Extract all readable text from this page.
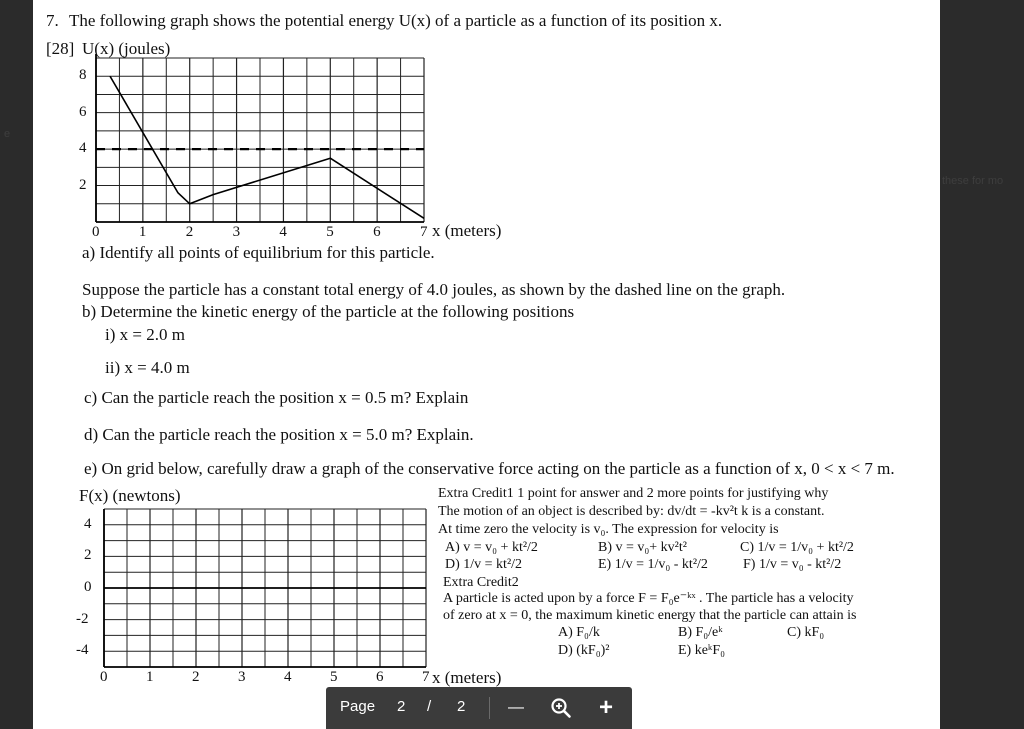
e
these for mo
7. The following graph shows the potential energy U(x) of a particle as a function of its position x.
[28] U(x) (joules)
0	1	2	3	4	5	6	7
2
4
6
8
x (meters)
a) Identify all points of equilibrium for this particle.
Suppose the particle has a constant total energy of 4.0 joules, as shown by the dashed line on the graph.
b) Determine the kinetic energy of the particle at the following positions
i) x = 2.0 m
ii) x = 4.0 m
c) Can the particle reach the position x = 0.5 m? Explain
d) Can the particle reach the position x = 5.0 m? Explain.
e) On grid below, carefully draw a graph of the conservative force acting on the particle as a function of x, 0 < x < 7 m.
F(x) (newtons)
0	1	2	3	4	5	6	7
4
2
0
-2
-4
x (meters)
Extra Credit1 1 point for answer and 2 more points for justifying why
The motion of an object is described by: dv/dt = -kv²t k is a constant.
At time zero the velocity is v₀. The expression for velocity is
A) v = v₀ + kt²/2	B) v = v₀+ kv²t²	C) 1/v = 1/v₀ + kt²/2
D) 1/v = kt²/2	E) 1/v = 1/v₀ - kt²/2	F) 1/v = v₀ - kt²/2
Extra Credit2
A particle is acted upon by a force F = F₀e⁻ᵏˣ . The particle has a velocity
of zero at x = 0, the maximum kinetic energy that the particle can attain is
A) F₀/k	B) F₀/eᵏ	C) kF₀
D) (kF₀)²	E) keᵏF₀
Page 2 / 2	—	+
